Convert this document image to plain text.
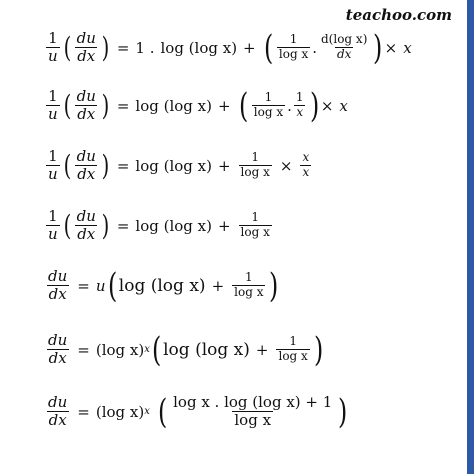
teachoo.com
$\frac{1}{u}$ ( $\frac{du}{dx}$ ) = 1 . log (log x) + ( $\frac{1}{\text{log x}}$ . $\frac{\text{d(log x)}}{dx}$ ) × x
$\frac{1}{u}$ ( $\frac{du}{dx}$ ) = log (log x) + ( $\frac{1}{\text{log x}}$ . $\frac{1}{x}$ ) × x
$\frac{1}{u}$ ( $\frac{du}{dx}$ ) = log (log $x) + \frac{1}{\text{log x}} \times \frac{x}{x}$
$\frac{1}{u}$ ( $\frac{du}{dx}$ ) = log (log $x) + \frac{1}{\text{log x}}$
$\frac{du}{dx} = u$ ( log (log $x) + \frac{1}{\text{log x}}$ )
$\frac{du}{dx} = (\log$ x) x ( log (log $x) + \frac{1}{\text{log x}}$ )
$\frac{du}{dx} = (\log$ x) x ( $\frac{\text{log x . log (log x) + 1}}{\text{log x}}$ )
